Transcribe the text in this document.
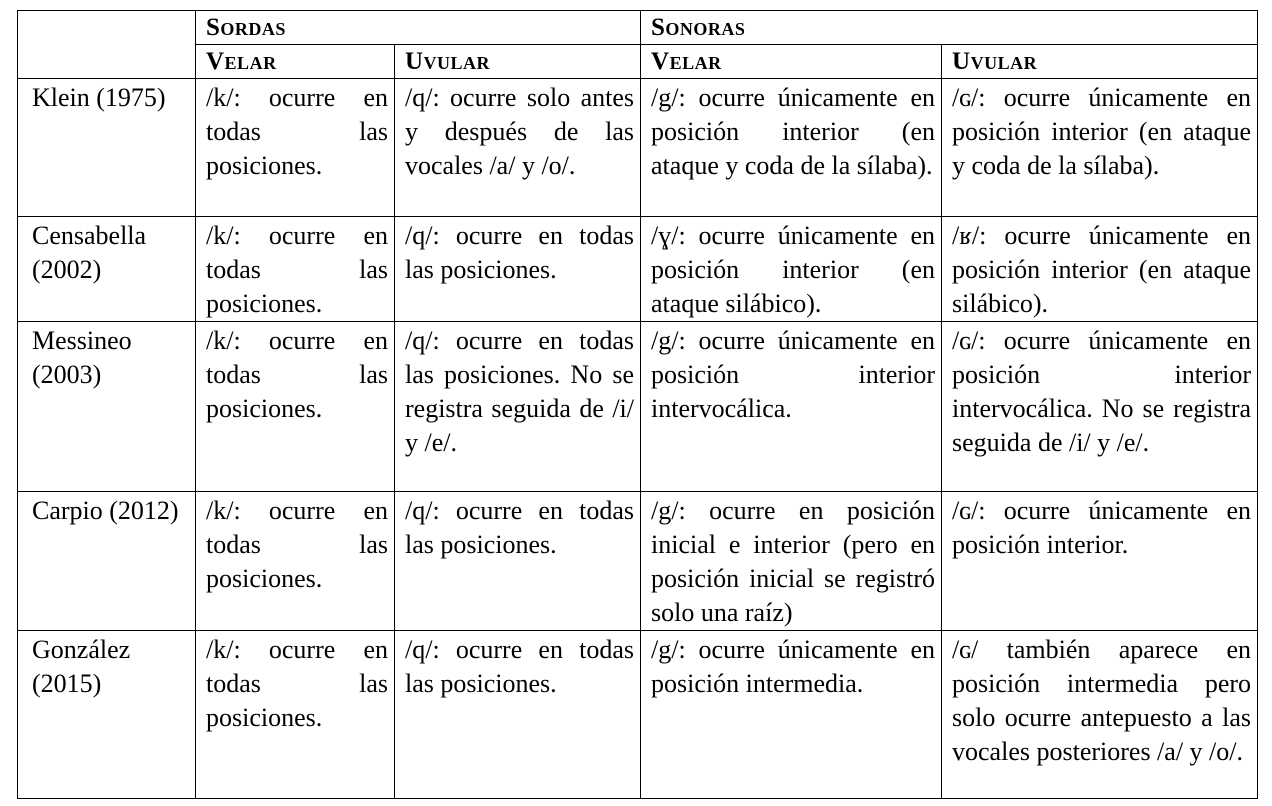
	Sordas		Sonoras	
	Velar	Uvular	Velar	Uvular
Klein (1975)	/k/: ocurre en todas las posiciones.	/q/: ocurre solo antes y después de las vocales /a/ y /o/.	/g/: ocurre únicamente en posición interior (en ataque y coda de la sílaba).	/ɢ/: ocurre únicamente en posición interior (en ataque y coda de la sílaba).
Censabella (2002)	/k/: ocurre en todas las posiciones.	/q/: ocurre en todas las posiciones.	/ɣ/: ocurre únicamente en posición interior (en ataque silábico).	/ʁ/: ocurre únicamente en posición interior (en ataque silábico).
Messineo (2003)	/k/: ocurre en todas las posiciones.	/q/: ocurre en todas las posiciones. No se registra seguida de /i/ y /e/.	/g/: ocurre únicamente en posición interior intervocálica.	/ɢ/: ocurre únicamente en posición interior intervocálica. No se registra seguida de /i/ y /e/.
Carpio (2012)	/k/: ocurre en todas las posiciones.	/q/: ocurre en todas las posiciones.	/g/: ocurre en posición inicial e interior (pero en posición inicial se registró solo una raíz)	/ɢ/: ocurre únicamente en posición interior.
González (2015)	/k/: ocurre en todas las posiciones.	/q/: ocurre en todas las posiciones.	/g/: ocurre únicamente en posición intermedia.	/ɢ/ también aparece en posición intermedia pero solo ocurre antepuesto a las vocales posteriores /a/ y /o/.
